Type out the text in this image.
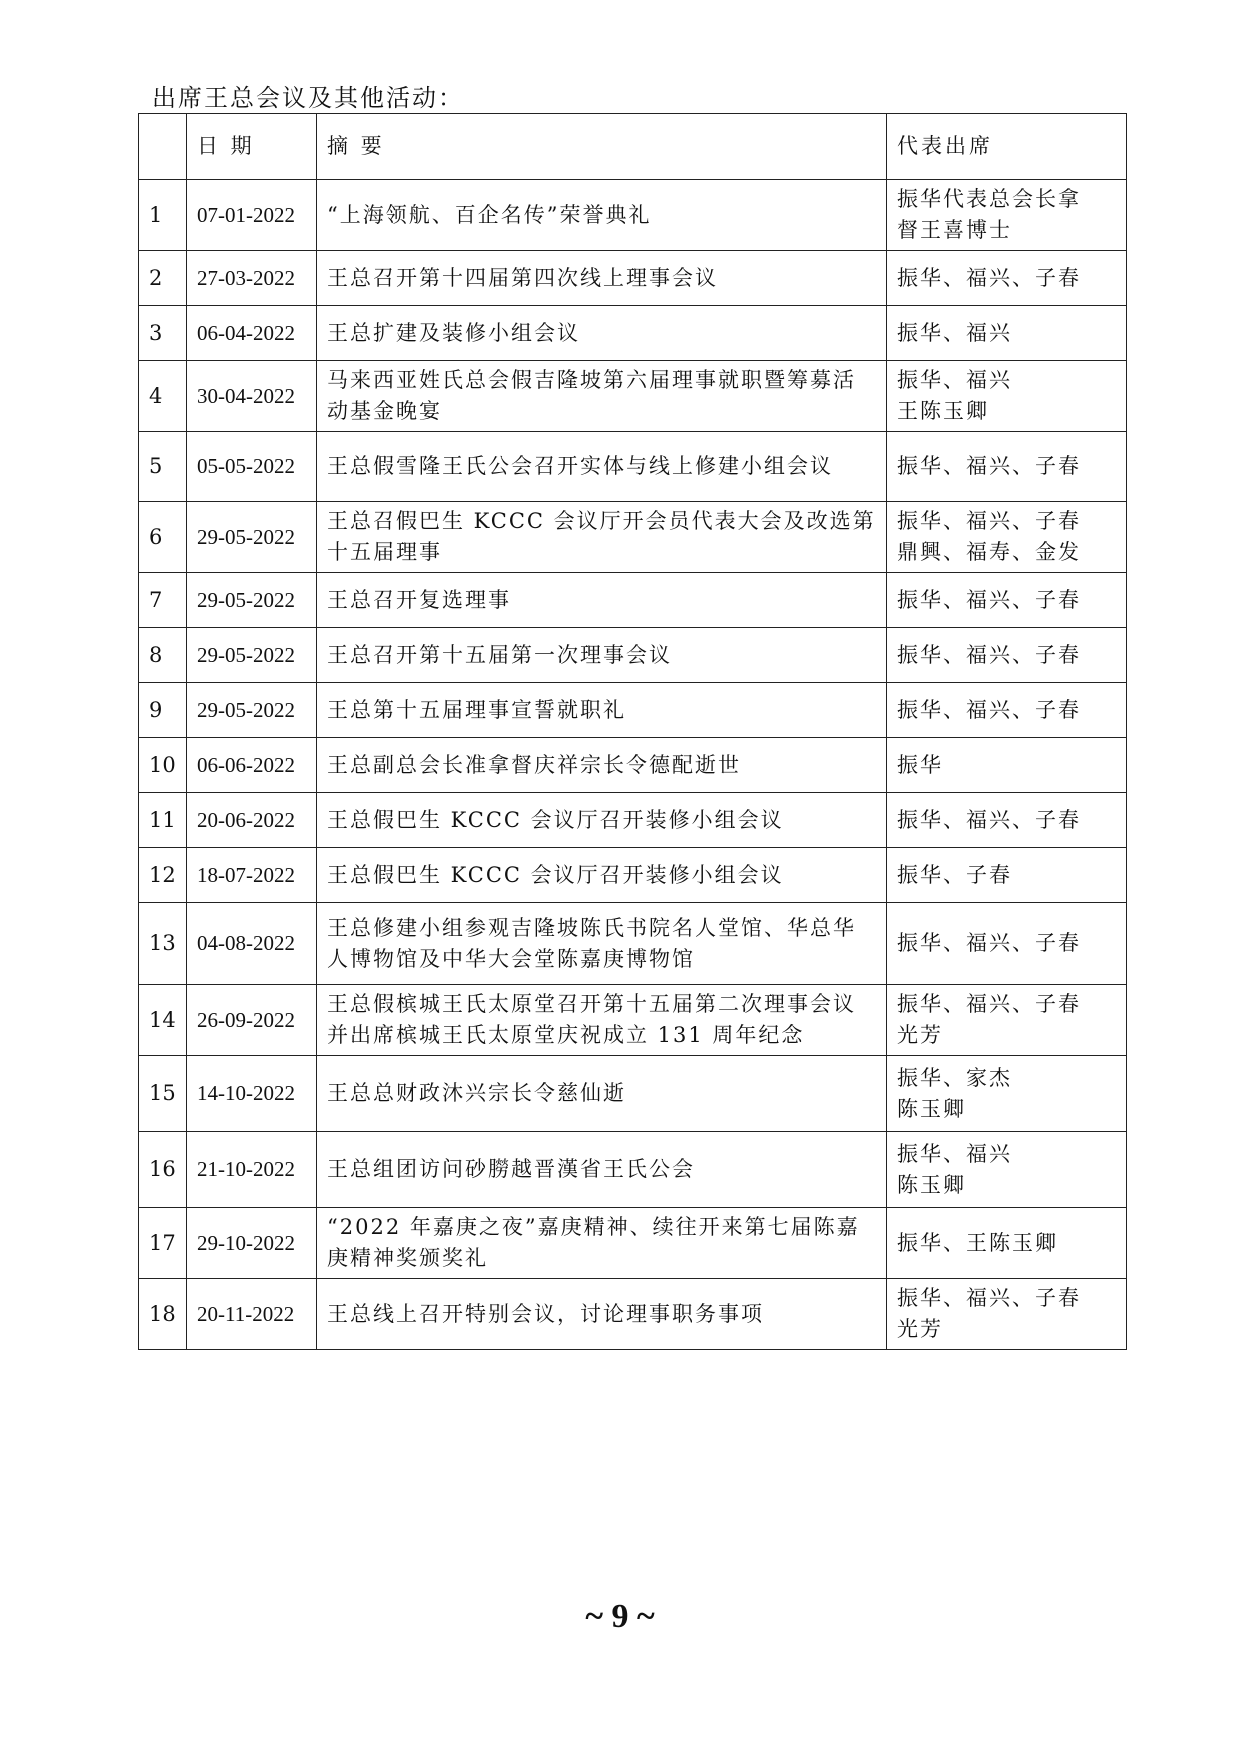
出席王总会议及其他活动：
	日 期	摘 要	代表出席
1	07-01-2022	“上海领航、百企名传”荣誉典礼	振华代表总会长拿
督王喜博士
2	27-03-2022	王总召开第十四届第四次线上理事会议	振华、福兴、子春
3	06-04-2022	王总扩建及装修小组会议	振华、福兴
4	30-04-2022	马来西亚姓氏总会假吉隆坡第六届理事就职暨筹募活动基金晚宴	振华、福兴
王陈玉卿
5	05-05-2022	王总假雪隆王氏公会召开实体与线上修建小组会议	振华、福兴、子春
6	29-05-2022	王总召假巴生 KCCC 会议厅开会员代表大会及改选第十五届理事	振华、福兴、子春
鼎興、福寿、金发
7	29-05-2022	王总召开复选理事	振华、福兴、子春
8	29-05-2022	王总召开第十五届第一次理事会议	振华、福兴、子春
9	29-05-2022	王总第十五届理事宣誓就职礼	振华、福兴、子春
10	06-06-2022	王总副总会长准拿督庆祥宗长令德配逝世	振华
11	20-06-2022	王总假巴生 KCCC 会议厅召开装修小组会议	振华、福兴、子春
12	18-07-2022	王总假巴生 KCCC 会议厅召开装修小组会议	振华、子春
13	04-08-2022	王总修建小组参观吉隆坡陈氏书院名人堂馆、华总华人博物馆及中华大会堂陈嘉庚博物馆	振华、福兴、子春
14	26-09-2022	王总假槟城王氏太原堂召开第十五届第二次理事会议并出席槟城王氏太原堂庆祝成立 131 周年纪念	振华、福兴、子春
光芳
15	14-10-2022	王总总财政沐兴宗长令慈仙逝	振华、家杰
陈玉卿
16	21-10-2022	王总组团访问砂朥越晋漢省王氏公会	振华、福兴
陈玉卿
17	29-10-2022	“2022 年嘉庚之夜”嘉庚精神、续往开来第七届陈嘉庚精神奖颁奖礼	振华、王陈玉卿
18	20-11-2022	王总线上召开特别会议，讨论理事职务事项	振华、福兴、子春
光芳
~ 9 ~
